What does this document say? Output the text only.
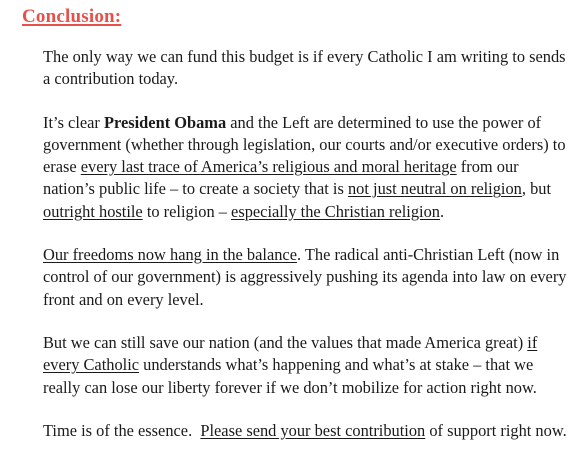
Conclusion:

The only way we can fund this budget is if every Catholic I am writing to sends a contribution today.

It’s clear President Obama and the Left are determined to use the power of government (whether through legislation, our courts and/or executive orders) to erase every last trace of America’s religious and moral heritage from our nation’s public life – to create a society that is not just neutral on religion, but outright hostile to religion – especially the Christian religion.

Our freedoms now hang in the balance. The radical anti-Christian Left (now in control of our government) is aggressively pushing its agenda into law on every front and on every level.

But we can still save our nation (and the values that made America great) if every Catholic understands what’s happening and what’s at stake – that we really can lose our liberty forever if we don’t mobilize for action right now.

Time is of the essence.  Please send your best contribution of support right now.
